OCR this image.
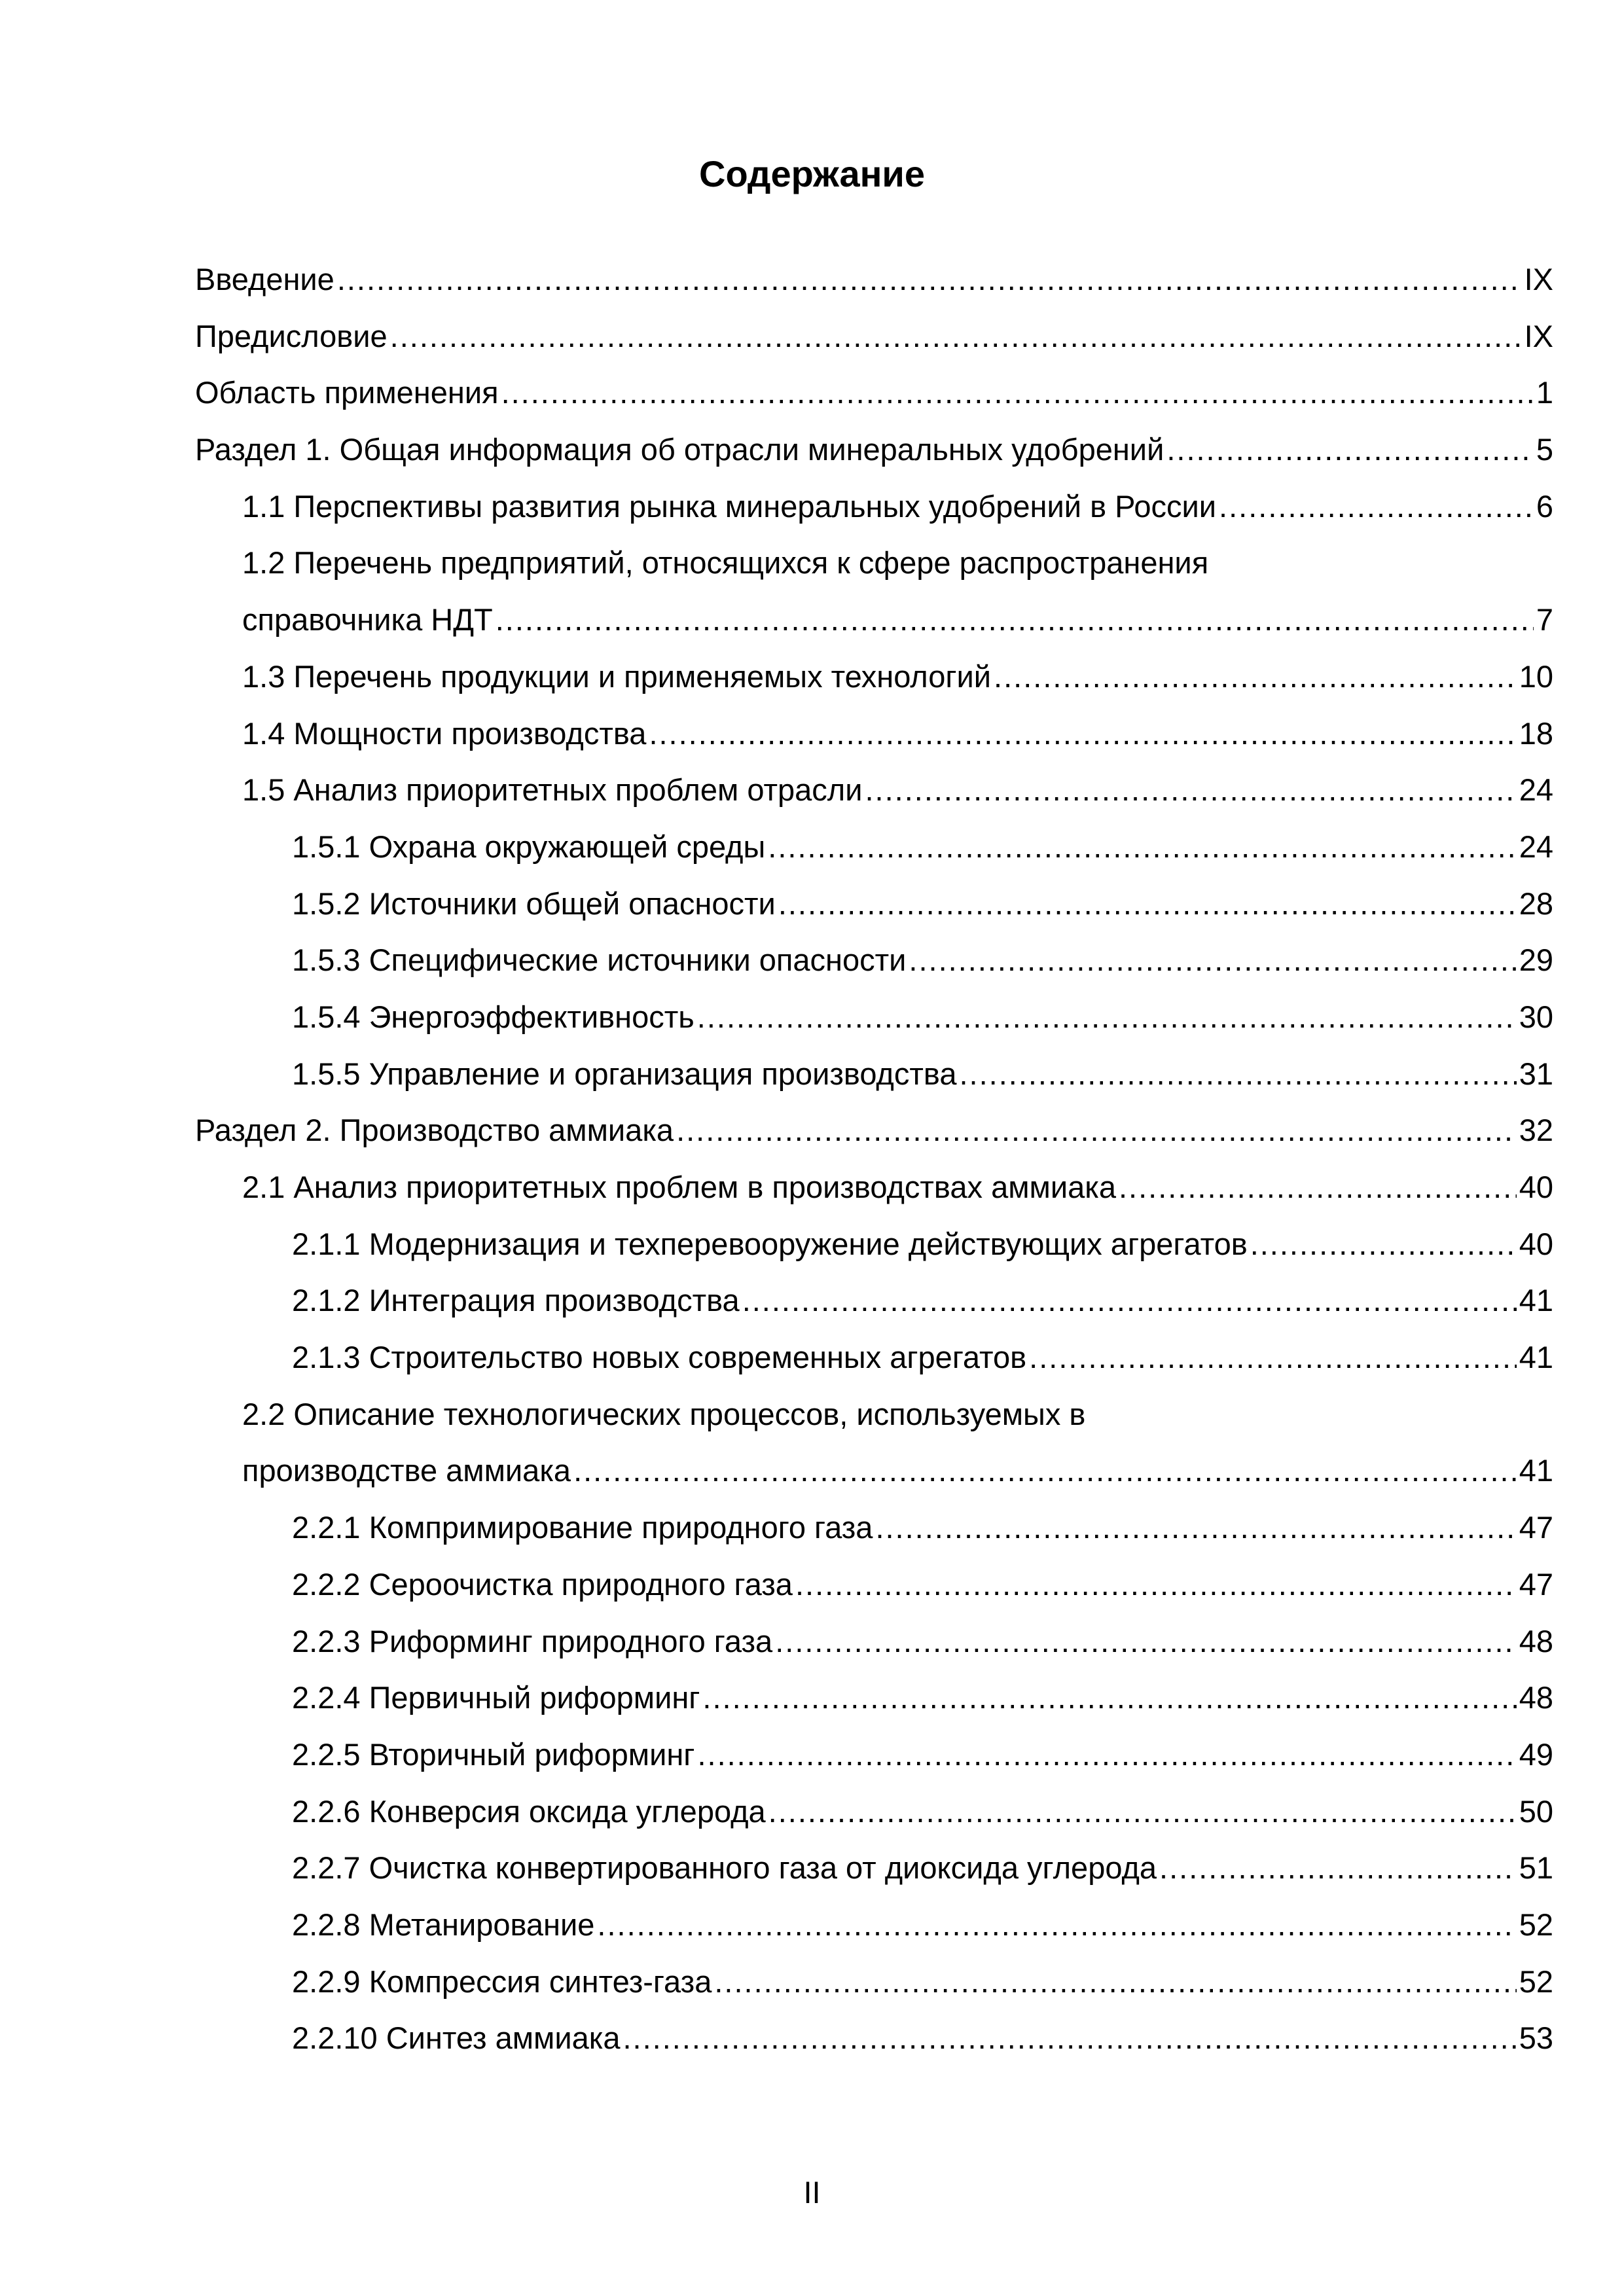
Содержание
Введение .....	IX
Предисловие .....	IX
Область применения .....	1
Раздел 1. Общая информация об отрасли минеральных удобрений .....	5
1.1 Перспективы развития рынка минеральных удобрений в России .....	6
1.2 Перечень предприятий, относящихся к сфере распространения
справочника НДТ .....	7
1.3 Перечень продукции и применяемых технологий .....	10
1.4 Мощности производства .....	18
1.5 Анализ приоритетных проблем отрасли .....	24
1.5.1 Охрана окружающей среды .....	24
1.5.2 Источники общей опасности .....	28
1.5.3 Специфические источники опасности .....	29
1.5.4 Энергоэффективность .....	30
1.5.5 Управление и организация производства .....	31
Раздел 2. Производство аммиака .....	32
2.1 Анализ приоритетных проблем в производствах аммиака .....	40
2.1.1 Модернизация и техперевооружение действующих агрегатов .....	40
2.1.2 Интеграция производства .....	41
2.1.3 Строительство новых современных агрегатов .....	41
2.2 Описание технологических процессов, используемых в
производстве аммиака .....	41
2.2.1 Компримирование природного газа .....	47
2.2.2 Сероочистка природного газа .....	47
2.2.3 Риформинг природного газа .....	48
2.2.4 Первичный риформинг .....	48
2.2.5 Вторичный риформинг .....	49
2.2.6 Конверсия оксида углерода .....	50
2.2.7 Очистка конвертированного газа от диоксида углерода .....	51
2.2.8 Метанирование .....	52
2.2.9 Компрессия синтез-газа .....	52
2.2.10 Синтез аммиака .....	53
II
